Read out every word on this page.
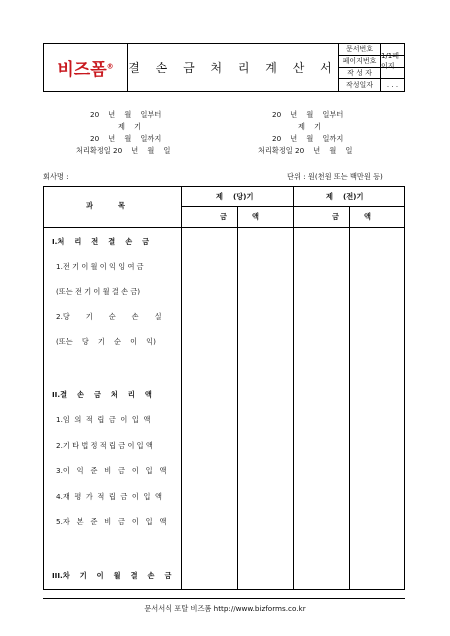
비즈폼® 결 손 금 처 리 계 산 서
문서번호
페이지번호
1/1페이지
작 성 자
작성일자	. . .
20    년    월    일부터
제    기
20    년    월    일까지
처리확정일 20    년    월    일
20    년    월    일부터
제    기
20    년    월    일까지
처리확정일 20    년    월    일
회사명 :	단위 : 원(천원 또는 백만원 등)
과          목
제    (당)기	제    (전)기
금          액	금          액
I.처    리    전    결    손    금
1.전 기 이 월 이 익 잉 여 금
(또는 전 기 이 월 결 손 금)
2.당       기       순       손       실
(또는    당    기    순    이    익)
II.결    손    금    처    리    액
1.임  의  적  립  금  이  입  액
2.기 타 법 정 적 립 금 이 입 액
3.이   익   준   비   금   이   입   액
4.재  평  가  적  립  금  이  입  액
5.자   본   준   비   금   이   입   액
III.차    기    이    월    결    손    금
문서서식 포탈 비즈폼 http://www.bizforms.co.kr
